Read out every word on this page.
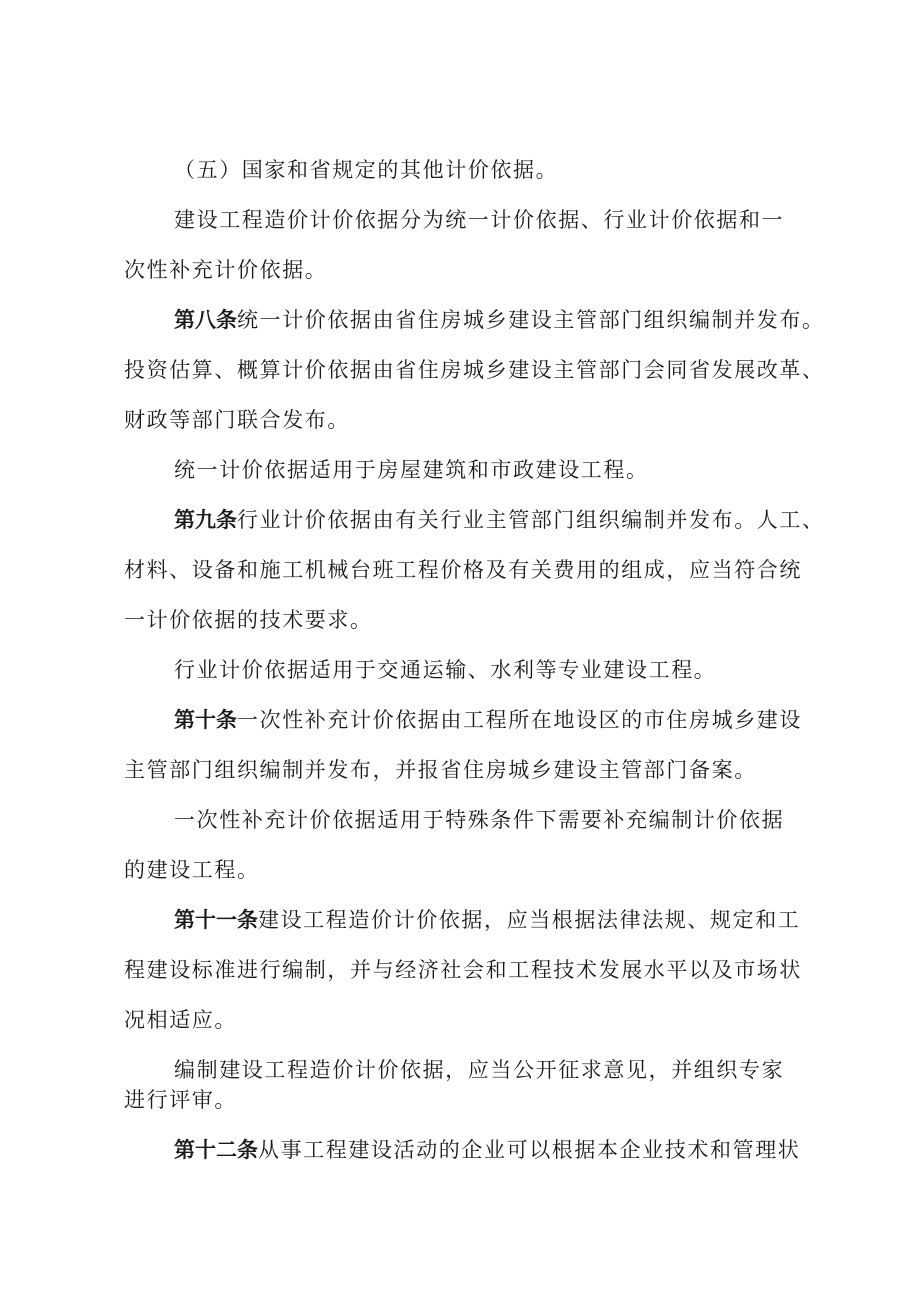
（五）国家和省规定的其他计价依据。
建设工程造价计价依据分为统一计价依据、行业计价依据和一
次性补充计价依据。
第八条统一计价依据由省住房城乡建设主管部门组织编制并发布。
投资估算、概算计价依据由省住房城乡建设主管部门会同省发展改革、
财政等部门联合发布。
统一计价依据适用于房屋建筑和市政建设工程。
第九条行业计价依据由有关行业主管部门组织编制并发布。人工、
材料、设备和施工机械台班工程价格及有关费用的组成，应当符合统
一计价依据的技术要求。
行业计价依据适用于交通运输、水利等专业建设工程。
第十条一次性补充计价依据由工程所在地设区的市住房城乡建设
主管部门组织编制并发布，并报省住房城乡建设主管部门备案。
一次性补充计价依据适用于特殊条件下需要补充编制计价依据
的建设工程。
第十一条建设工程造价计价依据，应当根据法律法规、规定和工
程建设标准进行编制，并与经济社会和工程技术发展水平以及市场状
况相适应。
编制建设工程造价计价依据，应当公开征求意见，并组织专家
进行评审。
第十二条从事工程建设活动的企业可以根据本企业技术和管理状
